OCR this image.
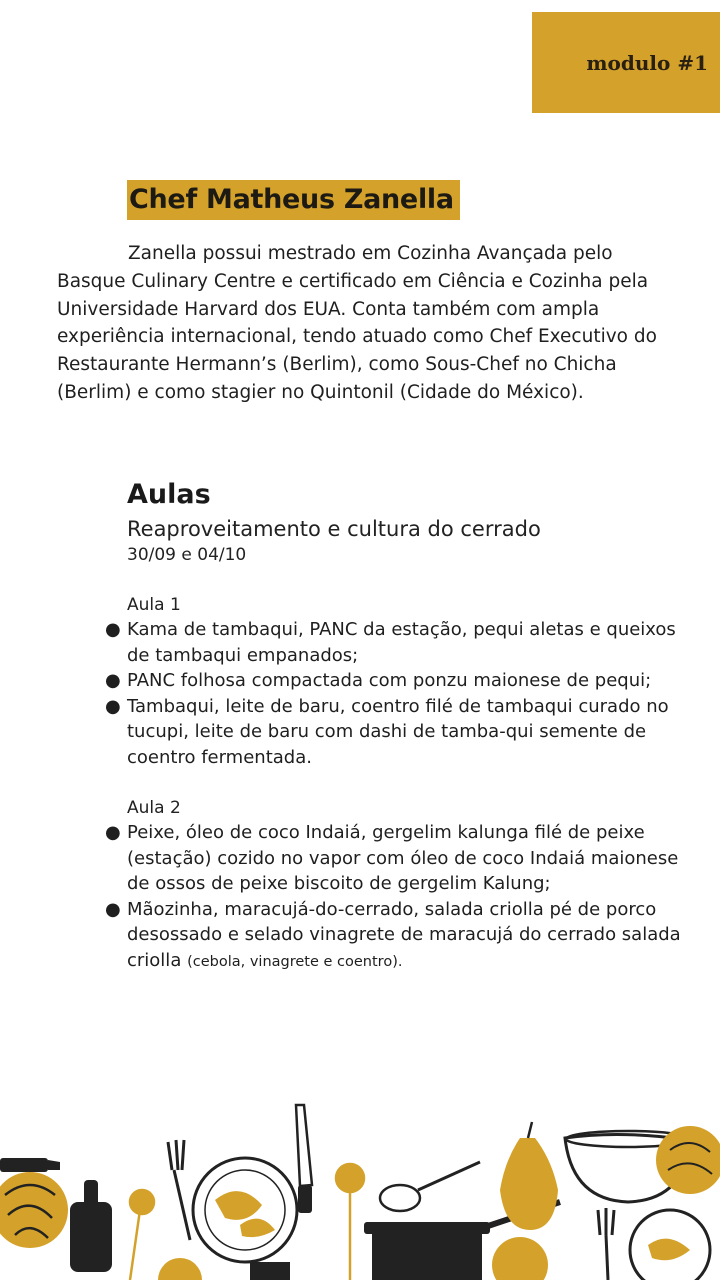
modulo #1
Chef Matheus Zanella

Zanella possui mestrado em Cozinha Avançada pelo Basque Culinary Centre e certificado em Ciência e Cozinha pela Universidade Harvard dos EUA. Conta também com ampla experiência internacional, tendo atuado como Chef Executivo do Restaurante Hermann’s (Berlim), como Sous-Chef no Chicha (Berlim) e como stagier no Quintonil (Cidade do México).

Aulas
Reaproveitamento e cultura do cerrado
30/09 e 04/10
Aula 1
● Kama de tambaqui, PANC da estação, pequi aletas e queixos de tambaqui empanados;
● PANC folhosa compactada com ponzu maionese de pequi;
● Tambaqui, leite de baru, coentro filé de tambaqui curado no tucupi, leite de baru com dashi de tamba-qui semente de coentro fermentada.
Aula 2
● Peixe, óleo de coco Indaiá, gergelim kalunga filé de peixe (estação) cozido no vapor com óleo de coco Indaiá maionese de ossos de peixe biscoito de gergelim Kalung;
● Mãozinha, maracujá-do-cerrado, salada criolla pé de porco desossado e selado vinagrete de maracujá do cerrado salada criolla (cebola, vinagrete e coentro).
